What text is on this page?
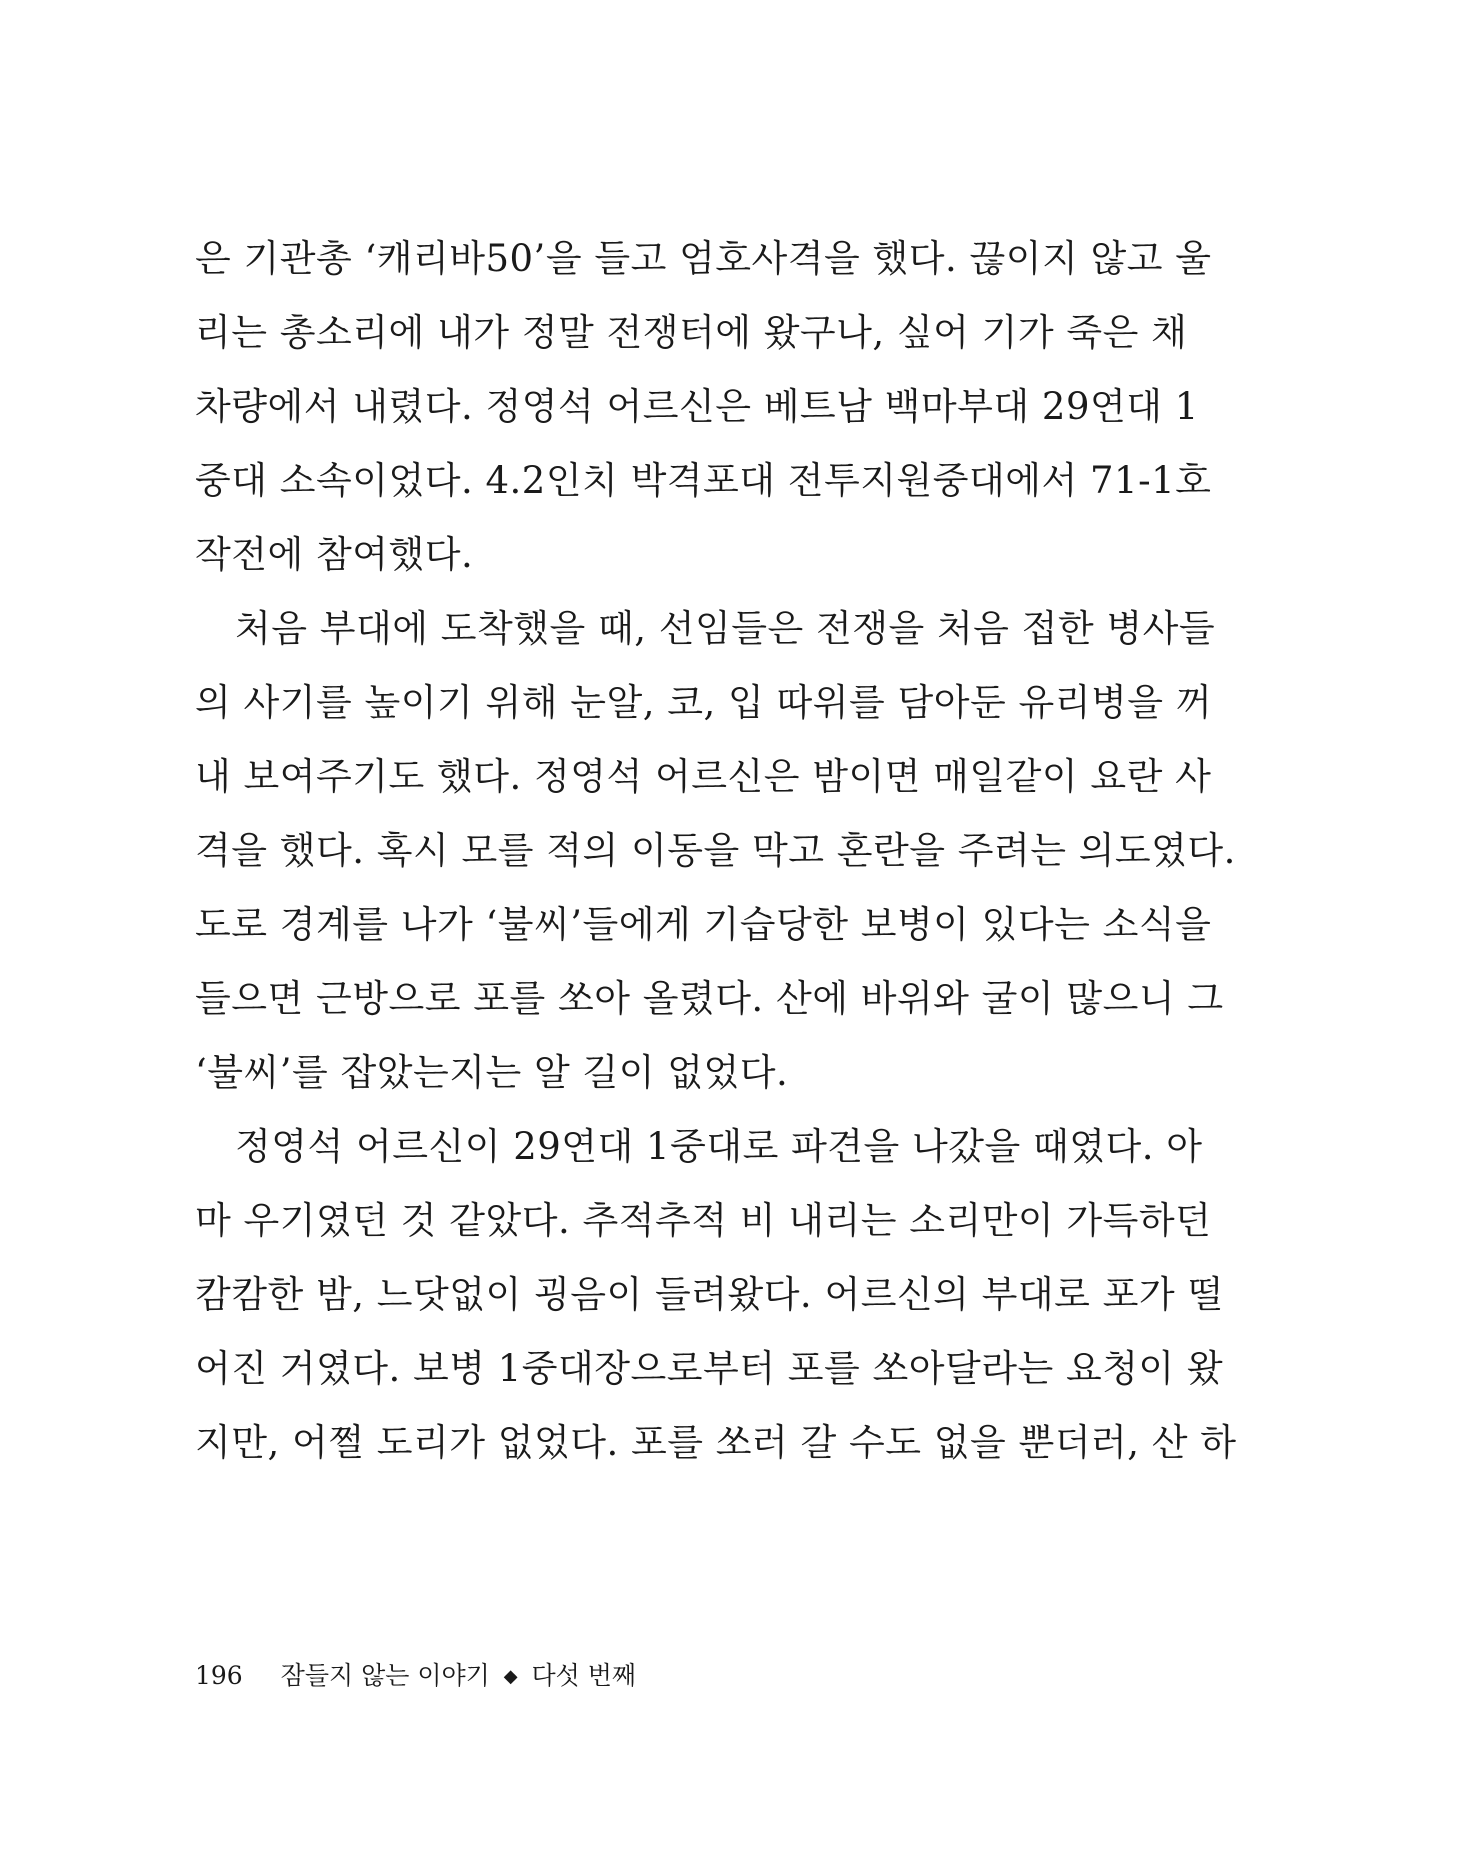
은 기관총 ‘캐리바50’을 들고 엄호사격을 했다. 끊이지 않고 울
리는 총소리에 내가 정말 전쟁터에 왔구나, 싶어 기가 죽은 채
차량에서 내렸다. 정영석 어르신은 베트남 백마부대 29연대 1
중대 소속이었다. 4.2인치 박격포대 전투지원중대에서 71-1호
작전에 참여했다.
처음 부대에 도착했을 때, 선임들은 전쟁을 처음 접한 병사들
의 사기를 높이기 위해 눈알, 코, 입 따위를 담아둔 유리병을 꺼
내 보여주기도 했다. 정영석 어르신은 밤이면 매일같이 요란 사
격을 했다. 혹시 모를 적의 이동을 막고 혼란을 주려는 의도였다.
도로 경계를 나가 ‘불씨’들에게 기습당한 보병이 있다는 소식을
들으면 근방으로 포를 쏘아 올렸다. 산에 바위와 굴이 많으니 그
‘불씨’를 잡았는지는 알 길이 없었다.
정영석 어르신이 29연대 1중대로 파견을 나갔을 때였다. 아
마 우기였던 것 같았다. 추적추적 비 내리는 소리만이 가득하던
캄캄한 밤, 느닷없이 굉음이 들려왔다. 어르신의 부대로 포가 떨
어진 거였다. 보병 1중대장으로부터 포를 쏘아달라는 요청이 왔
지만, 어쩔 도리가 없었다. 포를 쏘러 갈 수도 없을 뿐더러, 산 하
196 잠들지 않는 이야기 ◆ 다섯 번째
